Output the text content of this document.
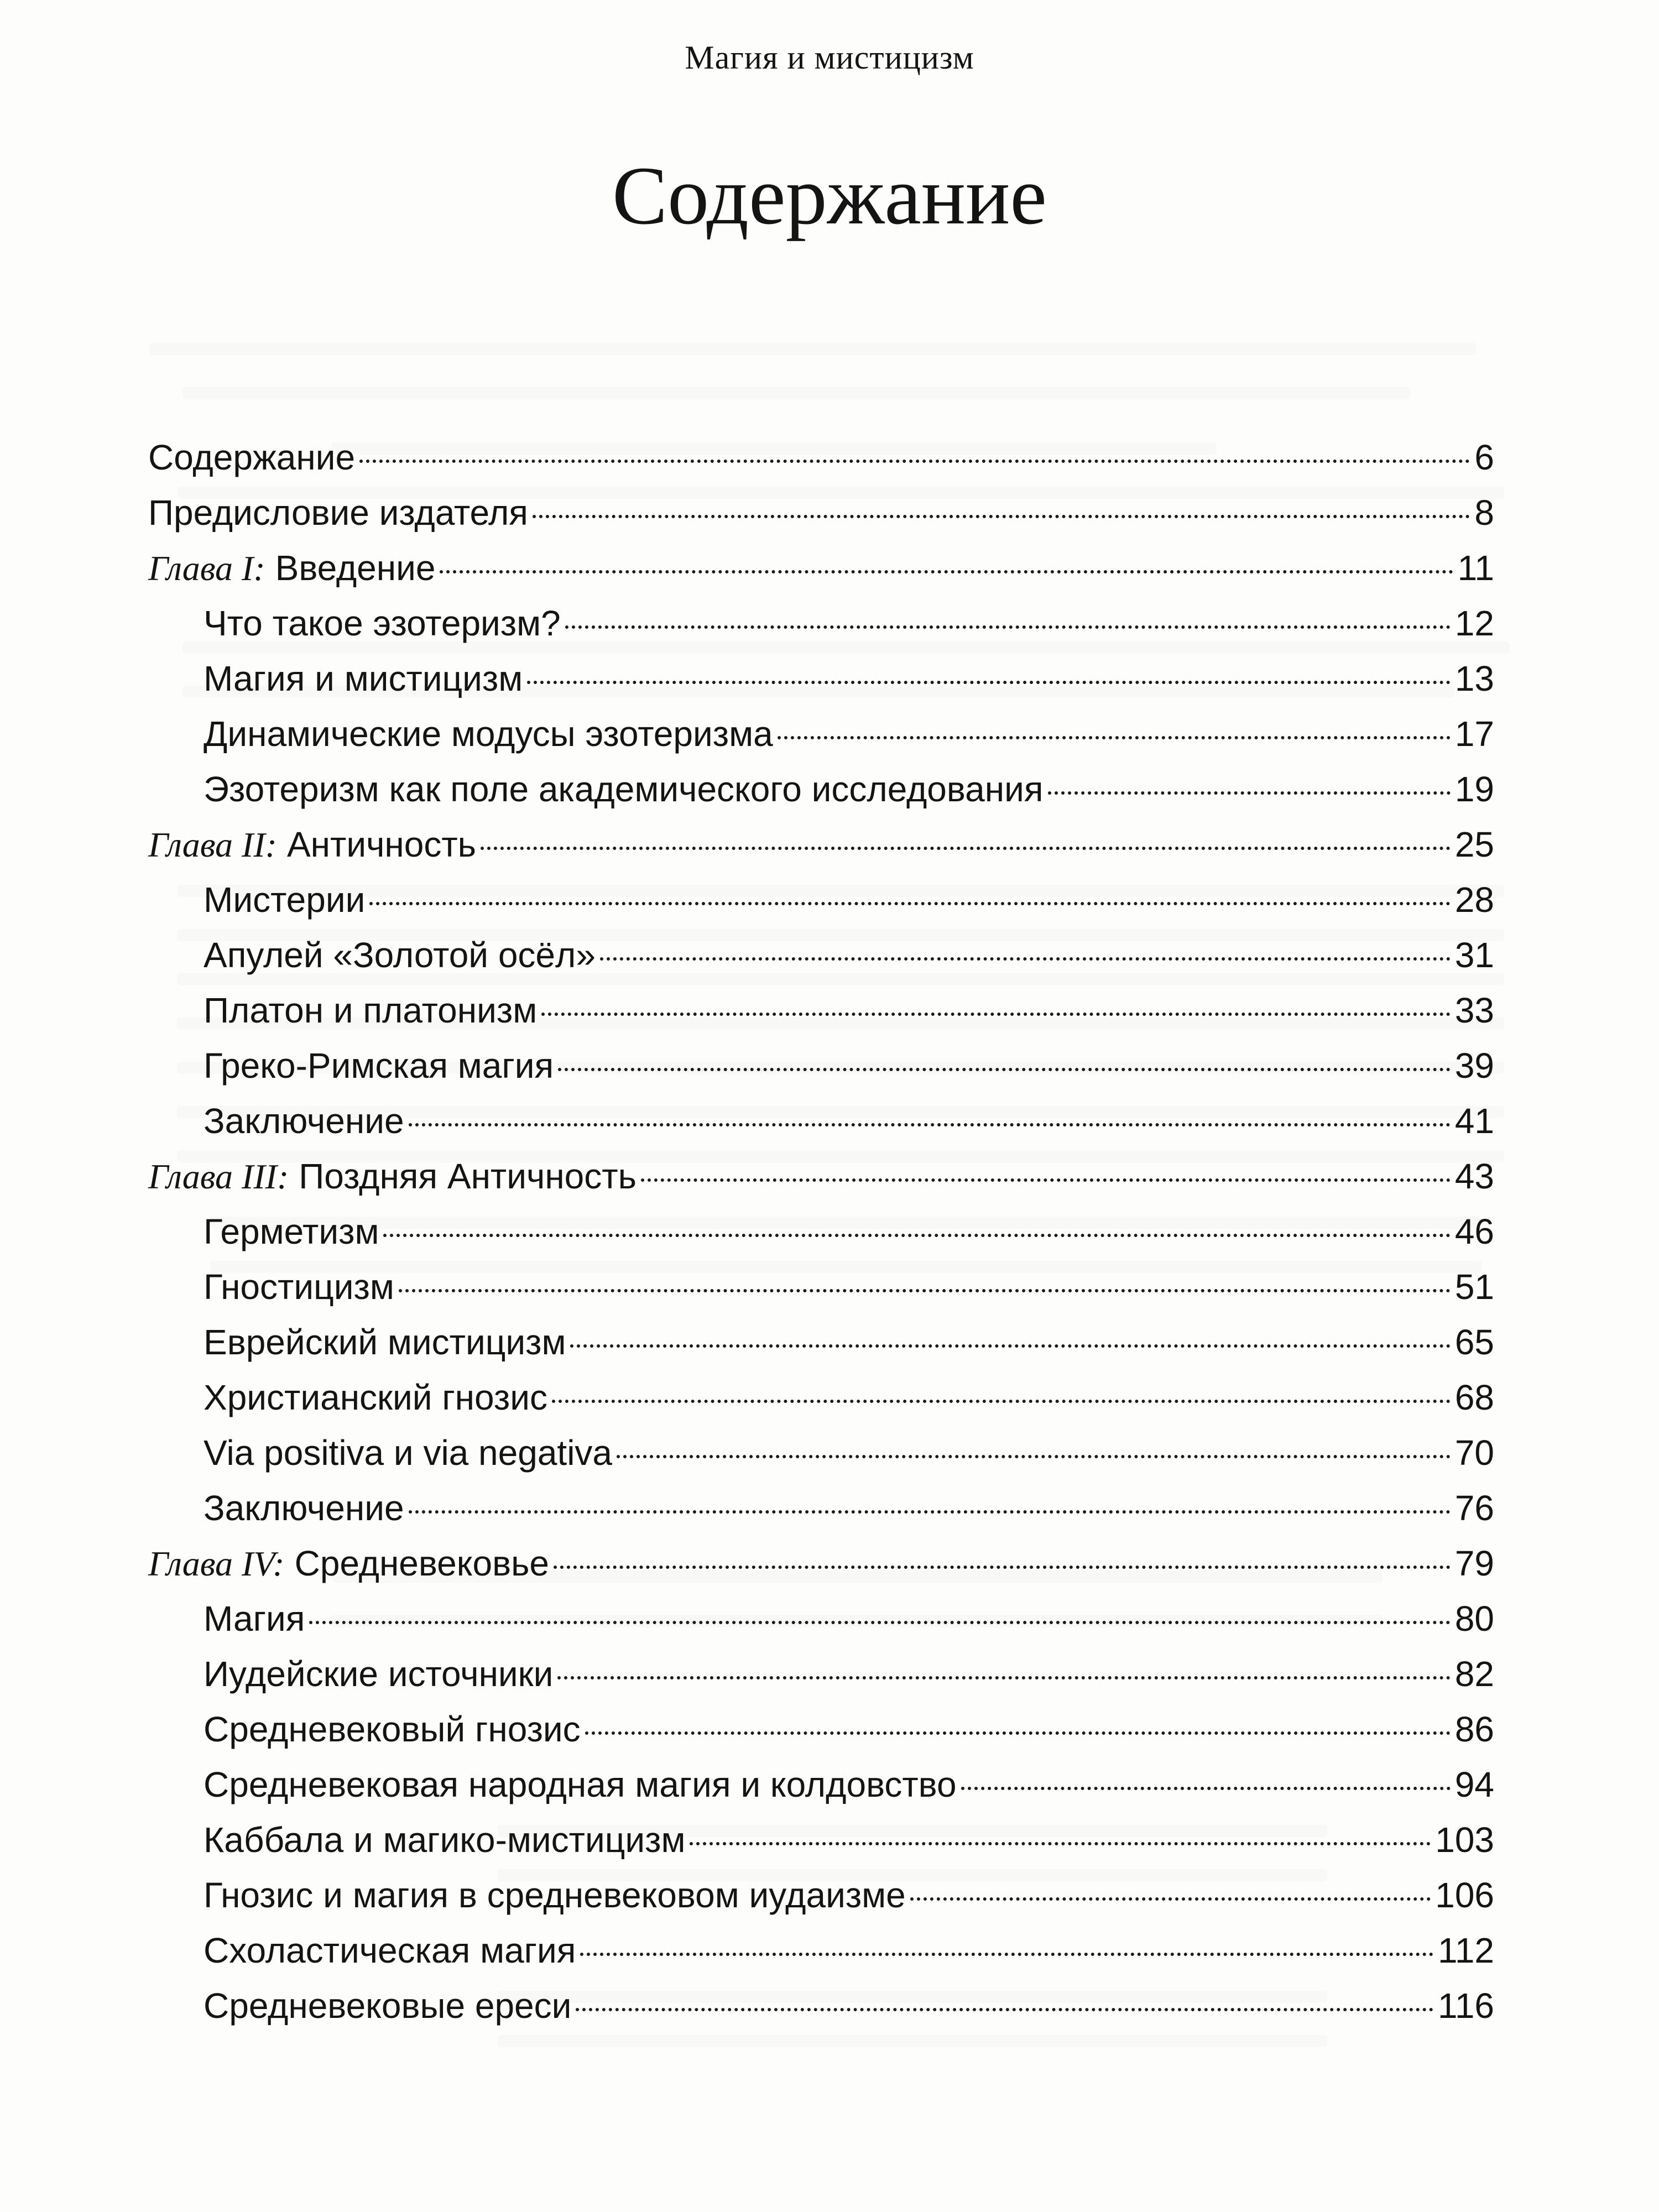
Магия и мистицизм
Содержание
Содержание	6
Предисловие издателя	8
Глава I: Введение	11
Что такое эзотеризм?	12
Магия и мистицизм	13
Динамические модусы эзотеризма	17
Эзотеризм как поле академического исследования	19
Глава II: Античность	25
Мистерии	28
Апулей «Золотой осёл»	31
Платон и платонизм	33
Греко-Римская магия	39
Заключение	41
Глава III: Поздняя Античность	43
Герметизм	46
Гностицизм	51
Еврейский мистицизм	65
Христианский гнозис	68
Via positiva и via negativa	70
Заключение	76
Глава IV: Средневековье	79
Магия	80
Иудейские источники	82
Средневековый гнозис	86
Средневековая народная магия и колдовство	94
Каббала и магико-мистицизм	103
Гнозис и магия в средневековом иудаизме	106
Схоластическая магия	112
Средневековые ереси	116
